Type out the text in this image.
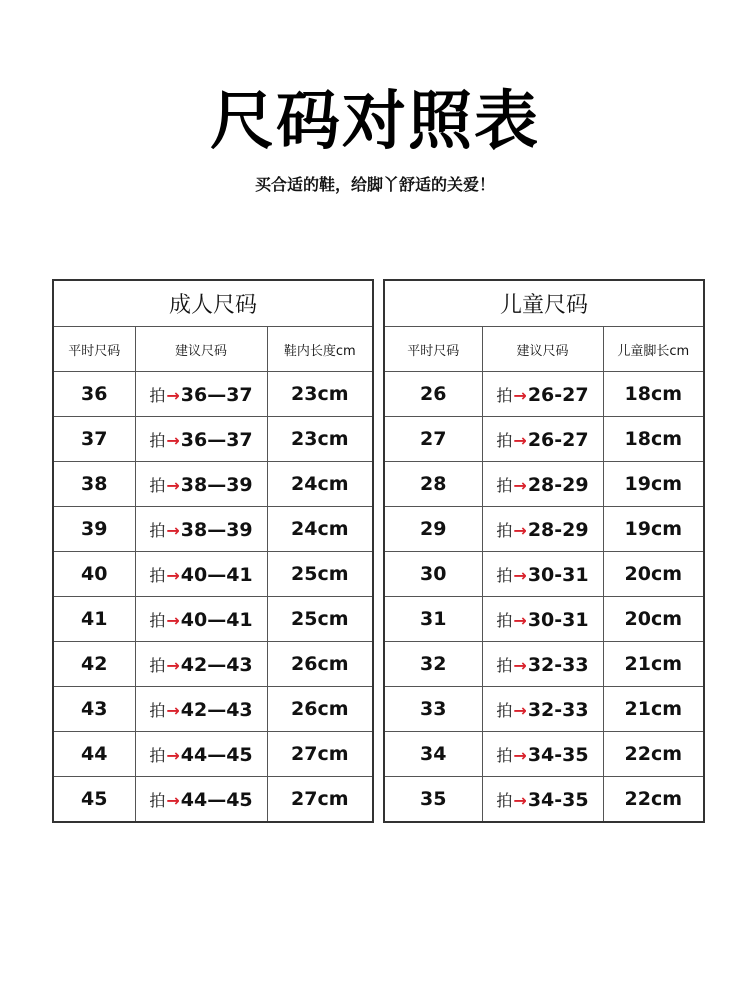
尺码对照表
买合适的鞋，给脚丫舒适的关爱！
成人尺码		
平时尺码	建议尺码	鞋内长度cm
36	拍→36—37	23cm
37	拍→36—37	23cm
38	拍→38—39	24cm
39	拍→38—39	24cm
40	拍→40—41	25cm
41	拍→40—41	25cm
42	拍→42—43	26cm
43	拍→42—43	26cm
44	拍→44—45	27cm
45	拍→44—45	27cm
儿童尺码		
平时尺码	建议尺码	儿童脚长cm
26	拍→26-27	18cm
27	拍→26-27	18cm
28	拍→28-29	19cm
29	拍→28-29	19cm
30	拍→30-31	20cm
31	拍→30-31	20cm
32	拍→32-33	21cm
33	拍→32-33	21cm
34	拍→34-35	22cm
35	拍→34-35	22cm
